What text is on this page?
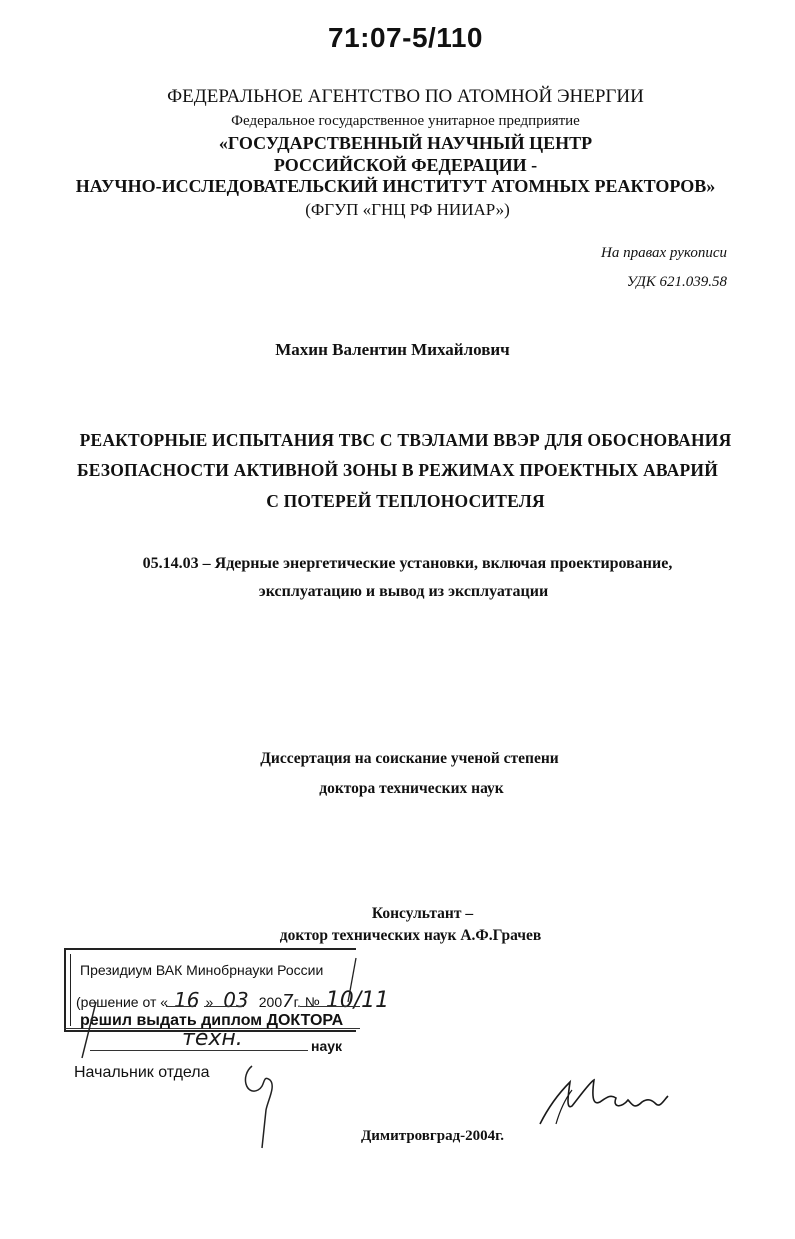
71:07-5/110
ФЕДЕРАЛЬНОЕ АГЕНТСТВО ПО АТОМНОЙ ЭНЕРГИИ
Федеральное государственное унитарное предприятие
«ГОСУДАРСТВЕННЫЙ НАУЧНЫЙ ЦЕНТР
РОССИЙСКОЙ ФЕДЕРАЦИИ -
НАУЧНО-ИССЛЕДОВАТЕЛЬСКИЙ ИНСТИТУТ АТОМНЫХ РЕАКТОРОВ»
(ФГУП «ГНЦ РФ НИИАР»)
На правах рукописи
УДК 621.039.58
Махин Валентин Михайлович
РЕАКТОРНЫЕ ИСПЫТАНИЯ ТВС С ТВЭЛАМИ ВВЭР ДЛЯ ОБОСНОВАНИЯ
БЕЗОПАСНОСТИ АКТИВНОЙ ЗОНЫ В РЕЖИМАХ ПРОЕКТНЫХ АВАРИЙ
С ПОТЕРЕЙ ТЕПЛОНОСИТЕЛЯ
05.14.03 – Ядерные энергетические установки, включая проектирование,
эксплуатацию и вывод из эксплуатации
Диссертация на соискание ученой степени
доктора технических наук
Консультант –
доктор технических наук А.Ф.Грачев
Президиум ВАК Минобрнауки России
(решение от « 16 » 03 2007г. № 10/11
решил выдать диплом ДОКТОРА
техн.	наук
Начальник отдела
Димитровград-2004г.
